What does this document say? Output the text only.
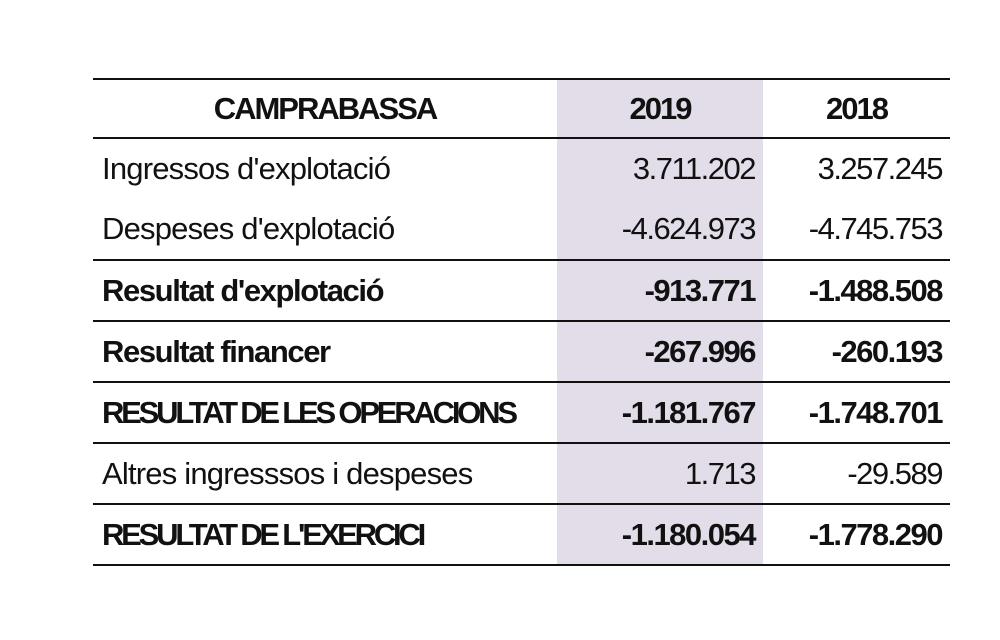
CAMPRABASSA	2019	2018
Ingressos d'explotació	3.711.202	3.257.245
Despeses d'explotació	-4.624.973	-4.745.753
Resultat d'explotació	-913.771	-1.488.508
Resultat financer	-267.996	-260.193
RESULTAT DE LES OPERACIONS	-1.181.767	-1.748.701
Altres ingresssos i despeses	1.713	-29.589
RESULTAT DE L'EXERCICI	-1.180.054	-1.778.290
